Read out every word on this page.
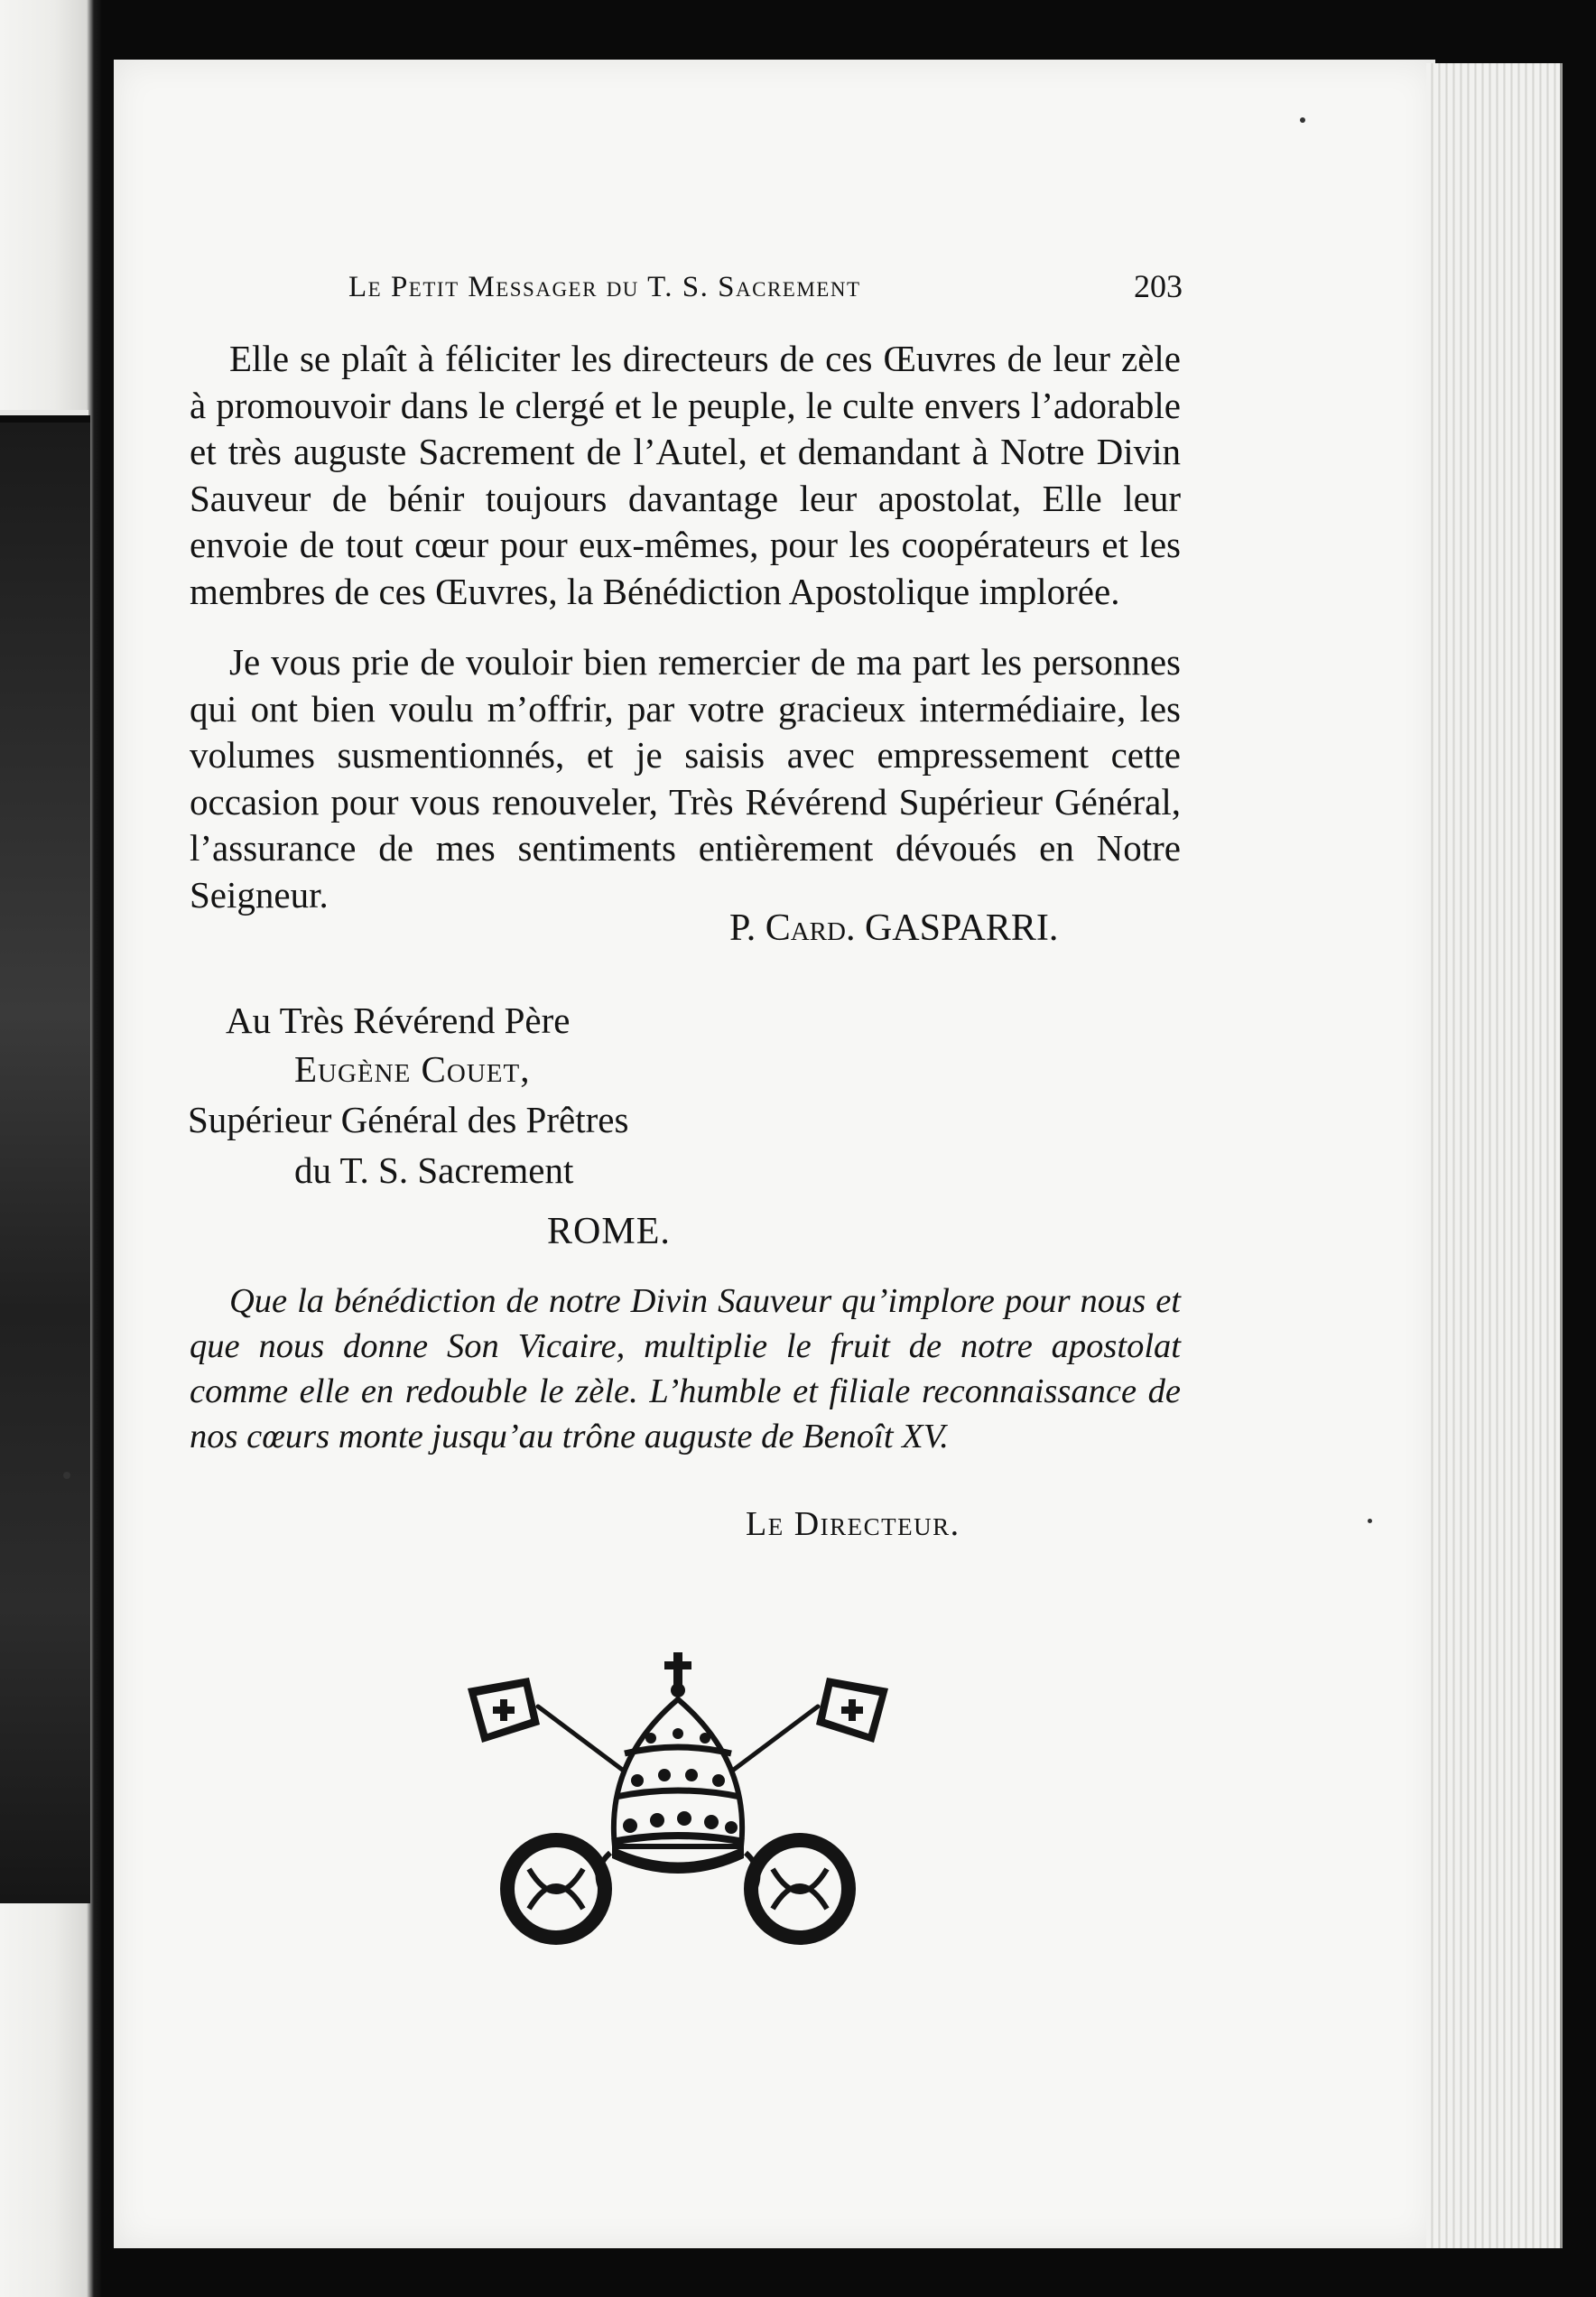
Le Petit Messager du T. S. Sacrement	203

Elle se plaît à féliciter les directeurs de ces Œuvres de leur zèle à promouvoir dans le clergé et le peuple, le culte envers l’adorable et très auguste Sacrement de l’Autel, et demandant à Notre Divin Sauveur de bénir toujours davantage leur apostolat, Elle leur envoie de tout cœur pour eux-mêmes, pour les coopérateurs et les membres de ces Œuvres, la Bénédiction Apostolique implorée.

Je vous prie de vouloir bien remercier de ma part les personnes qui ont bien voulu m’offrir, par votre gracieux intermédiaire, les volumes susmentionnés, et je saisis avec empressement cette occasion pour vous renouveler, Très Révérend Supérieur Général, l’assurance de mes sentiments entièrement dévoués en Notre Seigneur.

P. Card. GASPARRI.
Au Très Révérend Père
Eugène Couet,
Supérieur Général des Prêtres
du T. S. Sacrement
ROME.

Que la bénédiction de notre Divin Sauveur qu’implore pour nous et que nous donne Son Vicaire, multiplie le fruit de notre apostolat comme elle en redouble le zèle. L’humble et filiale reconnaissance de nos cœurs monte jusqu’au trône auguste de Benoît XV.

Le Directeur.
